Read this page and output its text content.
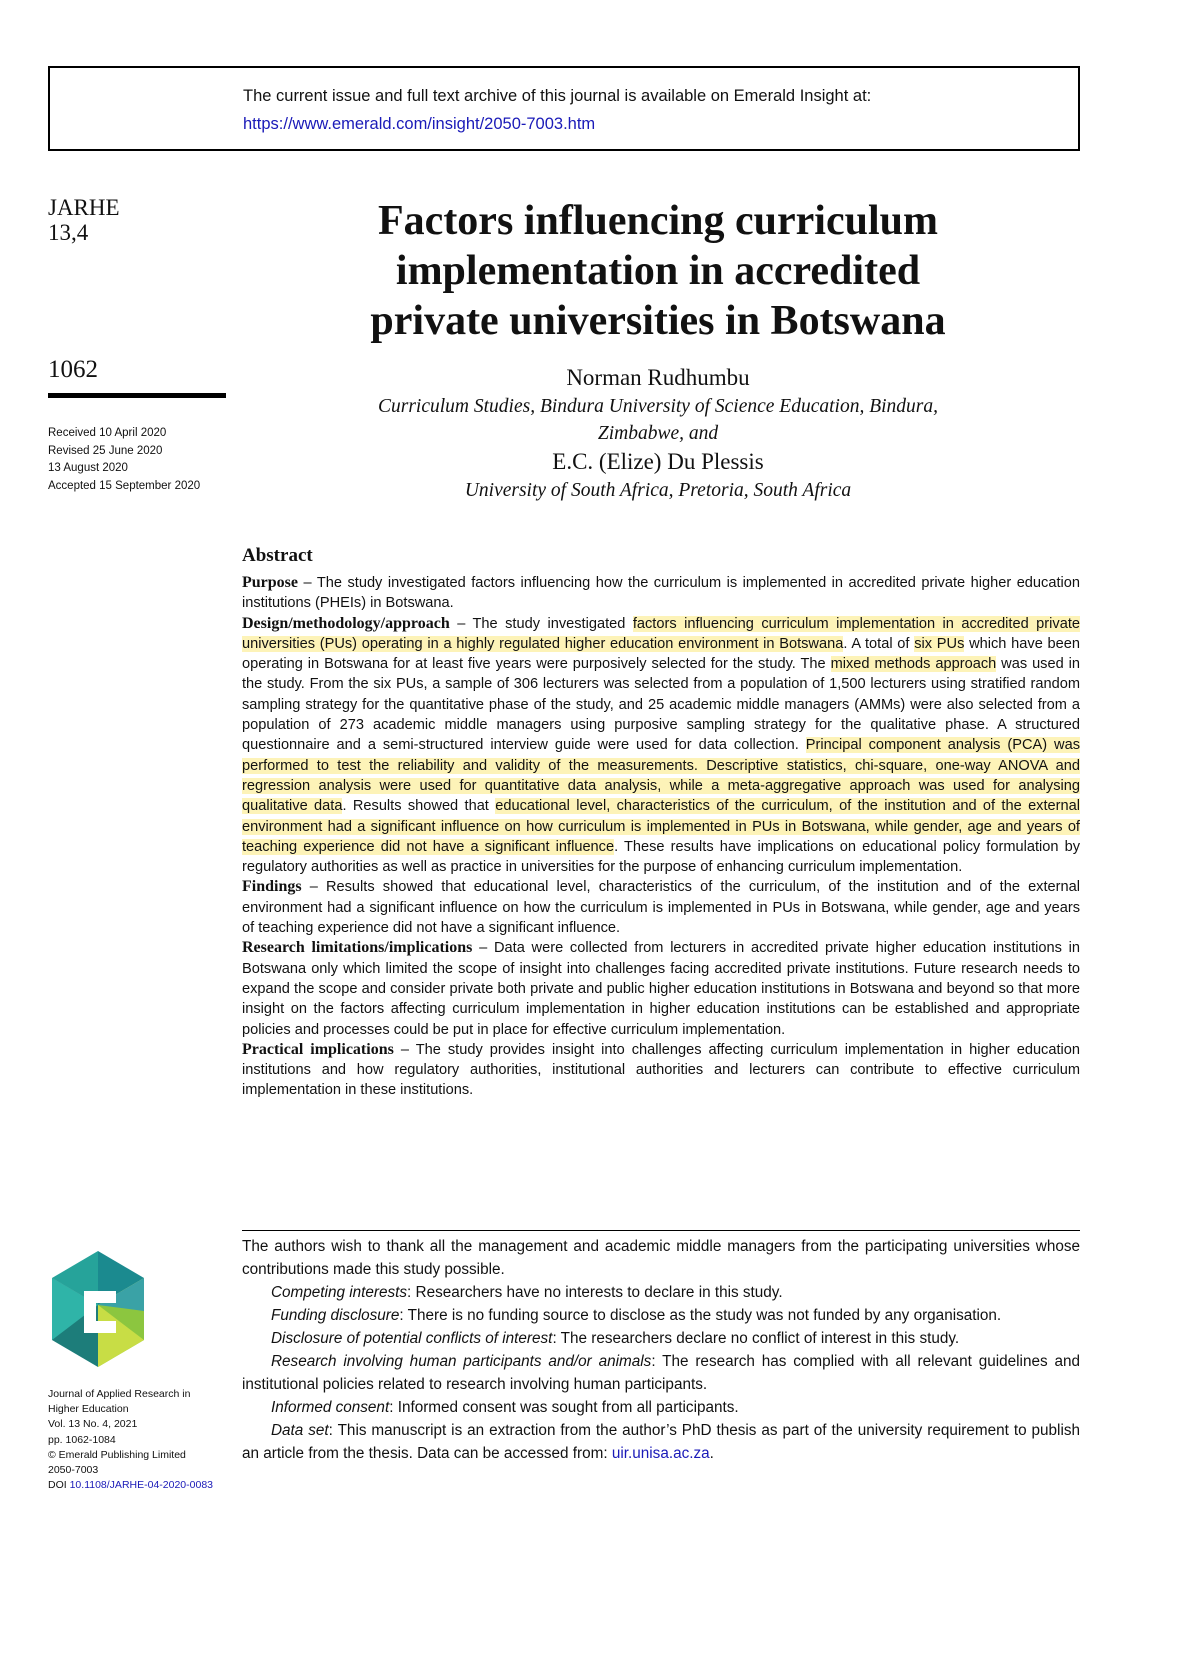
The current issue and full text archive of this journal is available on Emerald Insight at:
https://www.emerald.com/insight/2050-7003.htm
JARHE
13,4
1062
Received 10 April 2020
Revised 25 June 2020
13 August 2020
Accepted 15 September 2020
Factors influencing curriculum
implementation in accredited
private universities in Botswana
Norman Rudhumbu
Curriculum Studies, Bindura University of Science Education, Bindura,
Zimbabwe, and
E.C. (Elize) Du Plessis
University of South Africa, Pretoria, South Africa
Abstract

Purpose – The study investigated factors influencing how the curriculum is implemented in accredited private higher education institutions (PHEIs) in Botswana.

Design/methodology/approach – The study investigated factors influencing curriculum implementation in accredited private universities (PUs) operating in a highly regulated higher education environment in Botswana. A total of six PUs which have been operating in Botswana for at least five years were purposively selected for the study. The mixed methods approach was used in the study. From the six PUs, a sample of 306 lecturers was selected from a population of 1,500 lecturers using stratified random sampling strategy for the quantitative phase of the study, and 25 academic middle managers (AMMs) were also selected from a population of 273 academic middle managers using purposive sampling strategy for the qualitative phase. A structured questionnaire and a semi-structured interview guide were used for data collection. Principal component analysis (PCA) was performed to test the reliability and validity of the measurements. Descriptive statistics, chi-square, one-way ANOVA and regression analysis were used for quantitative data analysis, while a meta-aggregative approach was used for analysing qualitative data. Results showed that educational level, characteristics of the curriculum, of the institution and of the external environment had a significant influence on how curriculum is implemented in PUs in Botswana, while gender, age and years of teaching experience did not have a significant influence. These results have implications on educational policy formulation by regulatory authorities as well as practice in universities for the purpose of enhancing curriculum implementation.

Findings – Results showed that educational level, characteristics of the curriculum, of the institution and of the external environment had a significant influence on how the curriculum is implemented in PUs in Botswana, while gender, age and years of teaching experience did not have a significant influence.

Research limitations/implications – Data were collected from lecturers in accredited private higher education institutions in Botswana only which limited the scope of insight into challenges facing accredited private institutions. Future research needs to expand the scope and consider private both private and public higher education institutions in Botswana and beyond so that more insight on the factors affecting curriculum implementation in higher education institutions can be established and appropriate policies and processes could be put in place for effective curriculum implementation.

Practical implications – The study provides insight into challenges affecting curriculum implementation in higher education institutions and how regulatory authorities, institutional authorities and lecturers can contribute to effective curriculum implementation in these institutions.

The authors wish to thank all the management and academic middle managers from the participating universities whose contributions made this study possible.

Competing interests: Researchers have no interests to declare in this study.

Funding disclosure: There is no funding source to disclose as the study was not funded by any organisation.

Disclosure of potential conflicts of interest: The researchers declare no conflict of interest in this study.

Research involving human participants and/or animals: The research has complied with all relevant guidelines and institutional policies related to research involving human participants.

Informed consent: Informed consent was sought from all participants.

Data set: This manuscript is an extraction from the author’s PhD thesis as part of the university requirement to publish an article from the thesis. Data can be accessed from: uir.unisa.ac.za.

Journal of Applied Research in
Higher Education
Vol. 13 No. 4, 2021
pp. 1062-1084
© Emerald Publishing Limited
2050-7003
DOI 10.1108/JARHE-04-2020-0083
